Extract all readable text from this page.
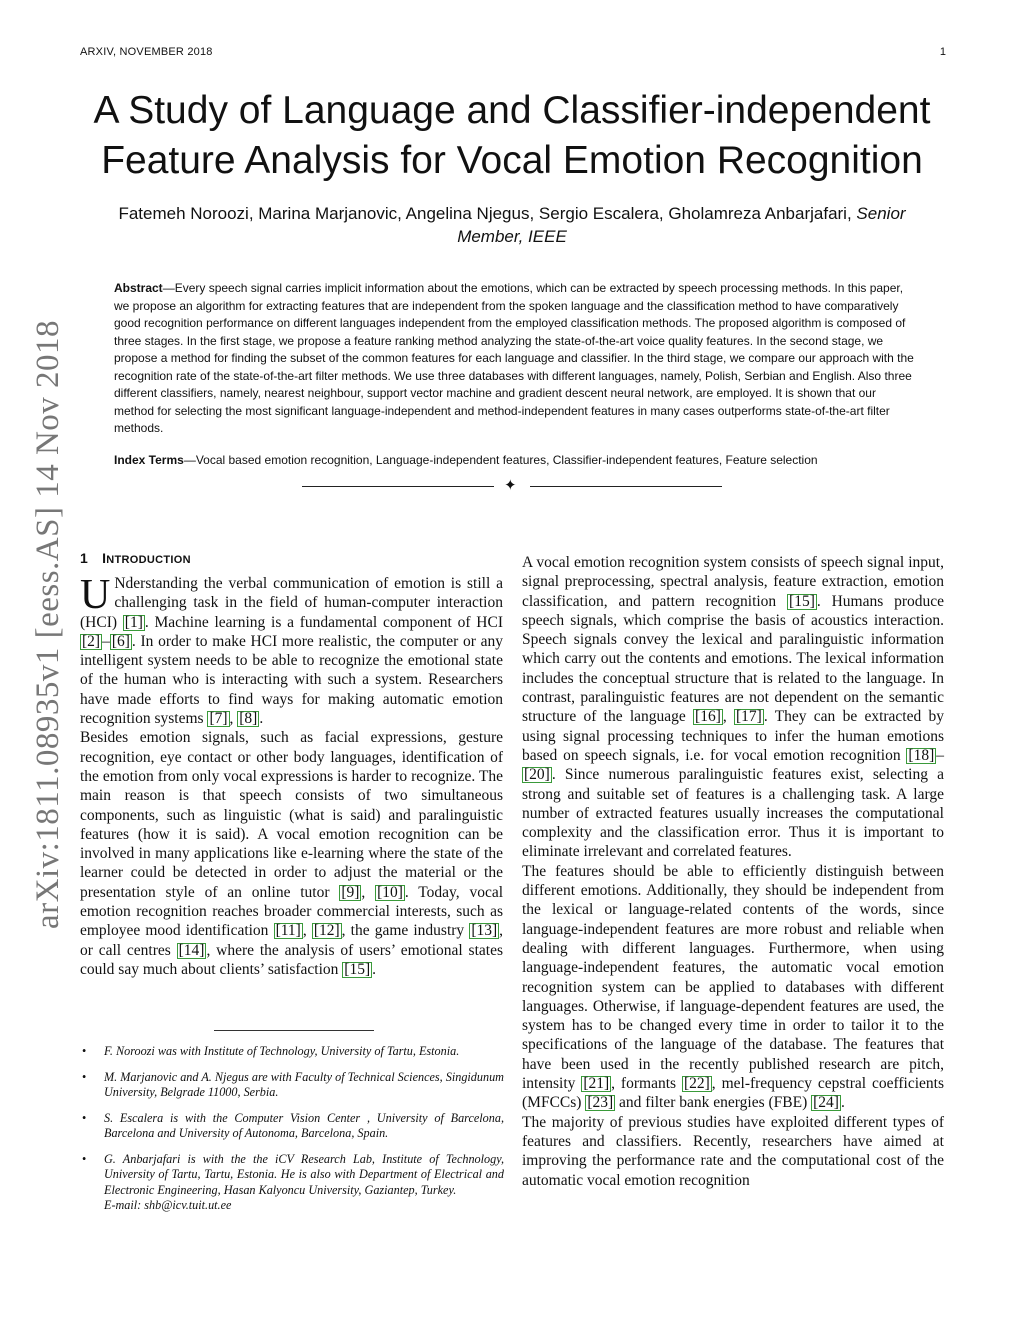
ARXIV, NOVEMBER 2018	1
A Study of Language and Classifier-independent Feature Analysis for Vocal Emotion Recognition
Fatemeh Noroozi, Marina Marjanovic, Angelina Njegus, Sergio Escalera, Gholamreza Anbarjafari, Senior Member, IEEE
Abstract—Every speech signal carries implicit information about the emotions, which can be extracted by speech processing methods. In this paper, we propose an algorithm for extracting features that are independent from the spoken language and the classification method to have comparatively good recognition performance on different languages independent from the employed classification methods. The proposed algorithm is composed of three stages. In the first stage, we propose a feature ranking method analyzing the state-of-the-art voice quality features. In the second stage, we propose a method for finding the subset of the common features for each language and classifier. In the third stage, we compare our approach with the recognition rate of the state-of-the-art filter methods. We use three databases with different languages, namely, Polish, Serbian and English. Also three different classifiers, namely, nearest neighbour, support vector machine and gradient descent neural network, are employed. It is shown that our method for selecting the most significant language-independent and method-independent features in many cases outperforms state-of-the-art filter methods.
Index Terms—Vocal based emotion recognition, Language-independent features, Classifier-independent features, Feature selection
✦
arXiv:1811.08935v1 [eess.AS] 14 Nov 2018 1 INTRODUCTION

U Nderstanding the verbal communication of emotion is still a challenging task in the field of human-computer interaction (HCI) [1] . Machine learning is a fundamental component of HCI [2] – [6] . In order to make HCI more realistic, the computer or any intelligent system needs to be able to recognize the emotional state of the human who is interacting with such a system. Researchers have made efforts to find ways for making automatic emotion recognition systems [7] , [8] .

Besides emotion signals, such as facial expressions, gesture recognition, eye contact or other body languages, identification of the emotion from only vocal expressions is harder to recognize. The main reason is that speech consists of two simultaneous components, such as linguistic (what is said) and paralinguistic features (how it is said). A vocal emotion recognition can be involved in many applications like e-learning where the state of the learner could be detected in order to adjust the material or the presentation style of an online tutor [9] , [10] . Today, vocal emotion recognition reaches broader commercial interests, such as employee mood identification [11] , [12] , the game industry [13] , or call centres [14] , where the analysis of users’ emotional states could say much about clients’ satisfaction [15] .

• F. Noroozi was with Institute of Technology, University of Tartu, Estonia.
• M. Marjanovic and A. Njegus are with Faculty of Technical Sciences, Singidunum University, Belgrade 11000, Serbia.
• S. Escalera is with the Computer Vision Center , University of Barcelona, Barcelona and University of Autonoma, Barcelona, Spain.
• G. Anbarjafari is with the the iCV Research Lab, Institute of Technology, University of Tartu, Tartu, Estonia. He is also with Department of Electrical and Electronic Engineering, Hasan Kalyoncu University, Gaziantep, Turkey.
E-mail: shb@icv.tuit.ut.ee

A vocal emotion recognition system consists of speech signal input, signal preprocessing, spectral analysis, feature extraction, emotion classification, and pattern recognition [15] . Humans produce speech signals, which comprise the basis of acoustics interaction. Speech signals convey the lexical and paralinguistic information which carry out the contents and emotions. The lexical information includes the conceptual structure that is related to the language. In contrast, paralinguistic features are not dependent on the semantic structure of the language [16] , [17] . They can be extracted by using signal processing techniques to infer the human emotions based on speech signals, i.e. for vocal emotion recognition [18] –[20] . Since numerous paralinguistic features exist, selecting a strong and suitable set of features is a challenging task. A large number of extracted features usually increases the computational complexity and the classification error. Thus it is important to eliminate irrelevant and correlated features.

The features should be able to efficiently distinguish between different emotions. Additionally, they should be independent from the lexical or language-related contents of the words, since language-independent features are more robust and reliable when dealing with different languages. Furthermore, when using language-independent features, the automatic vocal emotion recognition system can be applied to databases with different languages. Otherwise, if language-dependent features are used, the system has to be changed every time in order to tailor it to the specifications of the language of the database. The features that have been used in the recently published research are pitch, intensity [21] , formants [22] , mel-frequency cepstral coefficients (MFCCs) [23] and filter bank energies (FBE) [24] .

The majority of previous studies have exploited different types of features and classifiers. Recently, researchers have aimed at improving the performance rate and the computational cost of the automatic vocal emotion recognition
